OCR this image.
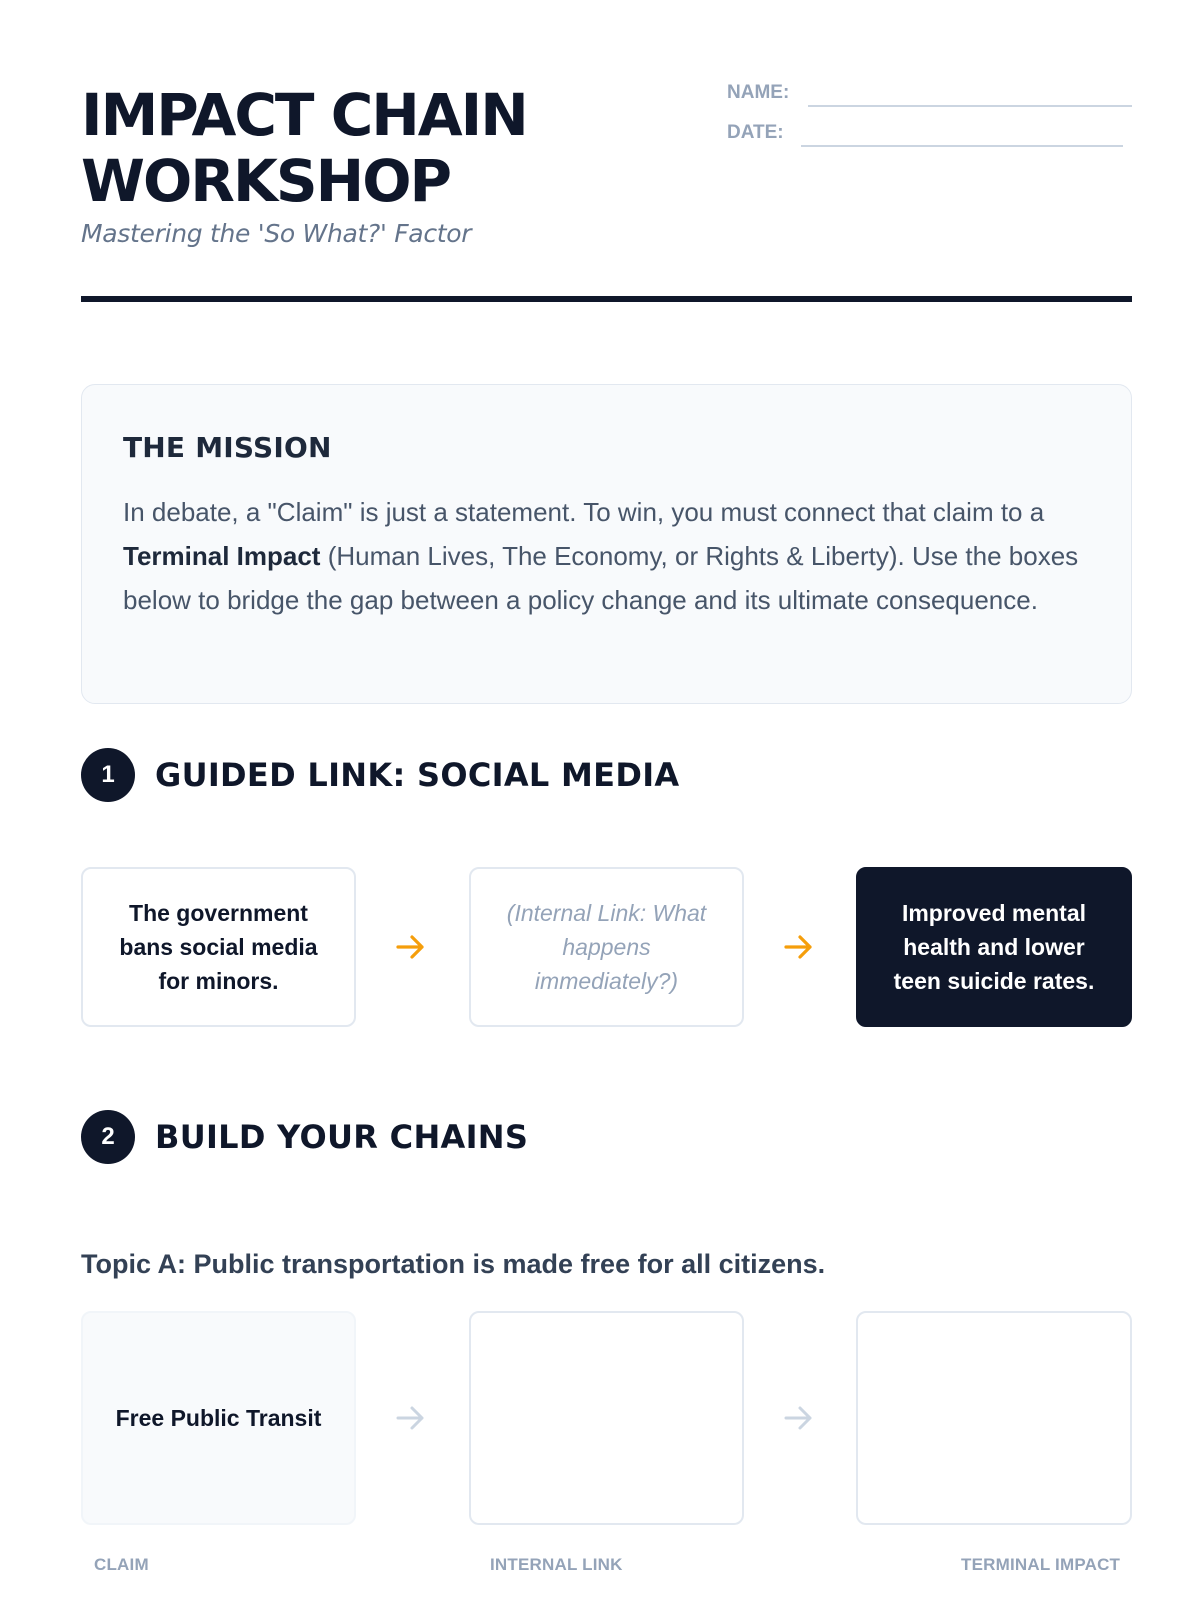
IMPACT CHAIN
WORKSHOP
Mastering the 'So What?' Factor
NAME:
DATE:
THE MISSION

In debate, a "Claim" is just a statement. To win, you must connect that claim to a Terminal Impact (Human Lives, The Economy, or Rights & Liberty). Use the boxes below to bridge the gap between a policy change and its ultimate consequence.

1	GUIDED LINK: SOCIAL MEDIA
The government bans social media for minors.
(Internal Link: What happens immediately?)
Improved mental health and lower teen suicide rates.
2	BUILD YOUR CHAINS
Topic A: Public transportation is made free for all citizens.
Free Public Transit
CLAIM	INTERNAL LINK	TERMINAL IMPACT
